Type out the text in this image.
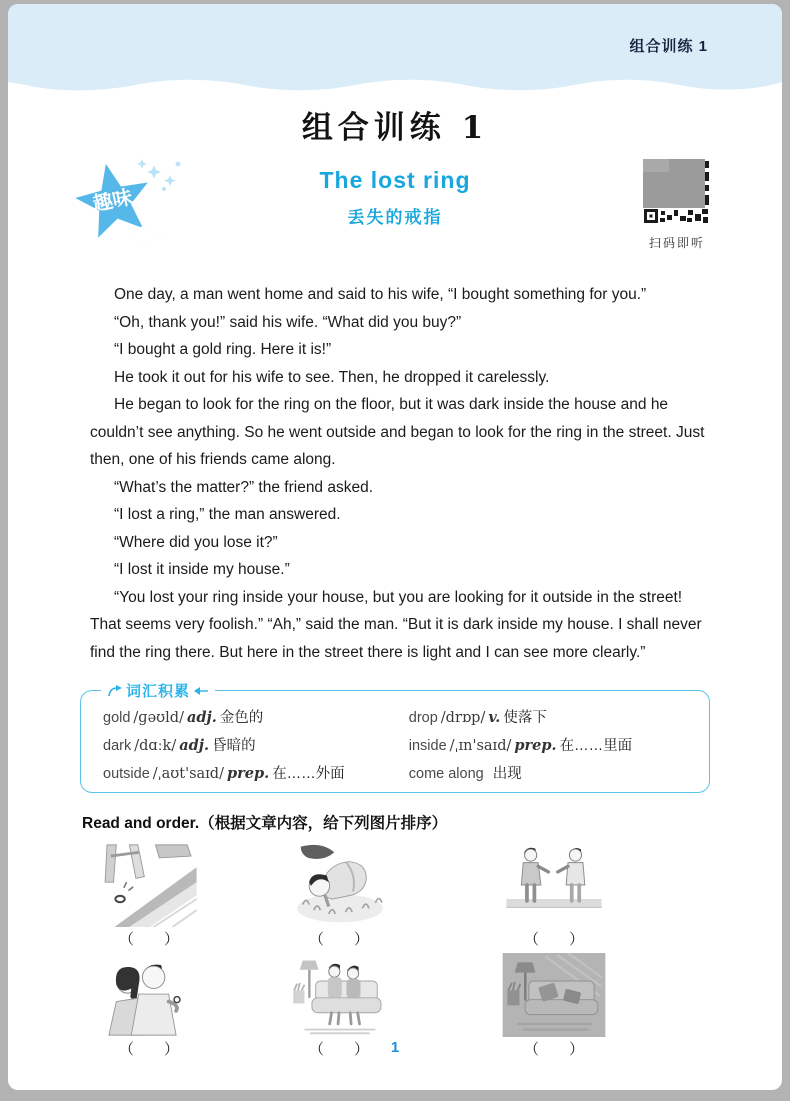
组合训练 1
组合训练 1
趣味
阅读
The lost ring
丢失的戒指
扫码即听

One day, a man went home and said to his wife, “I bought something for you.”

“Oh, thank you!” said his wife. “What did you buy?”

“I bought a gold ring. Here it is!”

He took it out for his wife to see. Then, he dropped it carelessly.

He began to look for the ring on the floor, but it was dark inside the house and he couldn’t see anything. So he went outside and began to look for the ring in the street. Just then, one of his friends came along.

“What’s the matter?” the friend asked.

“I lost a ring,” the man answered.

“Where did you lose it?”

“I lost it inside my house.”

“You lost your ring inside your house, but you are looking for it outside in the street! That seems very foolish.” “Ah,” said the man. “But it is dark inside my house. I shall never find the ring there. But here in the street there is light and I can see more clearly.”

词汇积累
gold /ɡəʊld/ adj. 金色的	drop /drɒp/ v. 使落下
dark /dɑːk/ adj. 昏暗的	inside /ˌɪn'saɪd/ prep. 在……里面
outside /ˌaʊt'saɪd/ prep. 在……外面	come along 出现
Read and order.（根据文章内容，给下列图片排序）
（　　）	（　　）	（　　）
（　　）	（　　）	（　　）
1
